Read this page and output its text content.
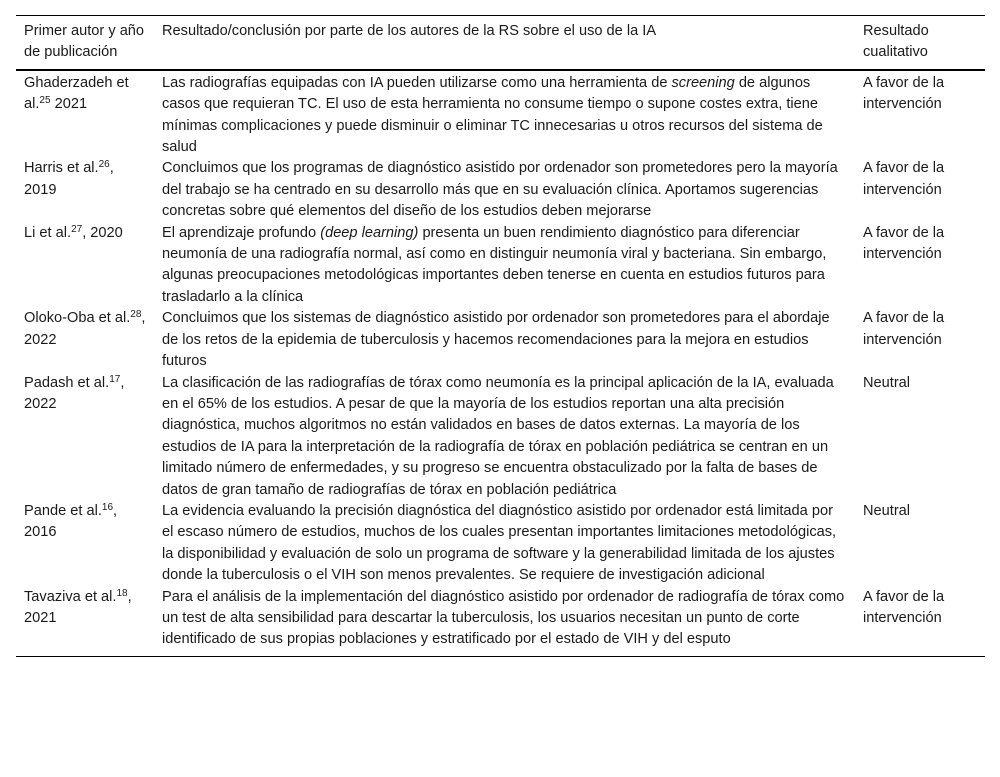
Primer autor y año de publicación	Resultado/conclusión por parte de los autores de la RS sobre el uso de la IA	Resultado cualitativo
Ghaderzadeh et al.$^{25}$ 2021	Las radiografías equipadas con IA pueden utilizarse como una herramienta de screening de algunos casos que requieran TC. El uso de esta herramienta no consume tiempo o supone costes extra, tiene mínimas complicaciones y puede disminuir o eliminar TC innecesarias u otros recursos del sistema de salud	A favor de la intervención
Harris et al.$^{26}$, 2019	Concluimos que los programas de diagnóstico asistido por ordenador son prometedores pero la mayoría del trabajo se ha centrado en su desarrollo más que en su evaluación clínica. Aportamos sugerencias concretas sobre qué elementos del diseño de los estudios deben mejorarse	A favor de la intervención
Li et al.$^{27}$, 2020	El aprendizaje profundo (deep learning) presenta un buen rendimiento diagnóstico para diferenciar neumonía de una radiografía normal, así como en distinguir neumonía viral y bacteriana. Sin embargo, algunas preocupaciones metodológicas importantes deben tenerse en cuenta en estudios futuros para trasladarlo a la clínica	A favor de la intervención
Oloko-Oba et al.$^{28}$, 2022	Concluimos que los sistemas de diagnóstico asistido por ordenador son prometedores para el abordaje de los retos de la epidemia de tuberculosis y hacemos recomendaciones para la mejora en estudios futuros	A favor de la intervención
Padash et al.$^{17}$, 2022	La clasificación de las radiografías de tórax como neumonía es la principal aplicación de la IA, evaluada en el 65% de los estudios. A pesar de que la mayoría de los estudios reportan una alta precisión diagnóstica, muchos algoritmos no están validados en bases de datos externas. La mayoría de los estudios de IA para la interpretación de la radiografía de tórax en población pediátrica se centran en un limitado número de enfermedades, y su progreso se encuentra obstaculizado por la falta de bases de datos de gran tamaño de radiografías de tórax en población pediátrica	Neutral
Pande et al.$^{16}$, 2016	La evidencia evaluando la precisión diagnóstica del diagnóstico asistido por ordenador está limitada por el escaso número de estudios, muchos de los cuales presentan importantes limitaciones metodológicas, la disponibilidad y evaluación de solo un programa de software y la generabilidad limitada de los ajustes donde la tuberculosis o el VIH son menos prevalentes. Se requiere de investigación adicional	Neutral
Tavaziva et al.$^{18}$, 2021	Para el análisis de la implementación del diagnóstico asistido por ordenador de radiografía de tórax como un test de alta sensibilidad para descartar la tuberculosis, los usuarios necesitan un punto de corte identificado de sus propias poblaciones y estratificado por el estado de VIH y del esputo	A favor de la intervención
